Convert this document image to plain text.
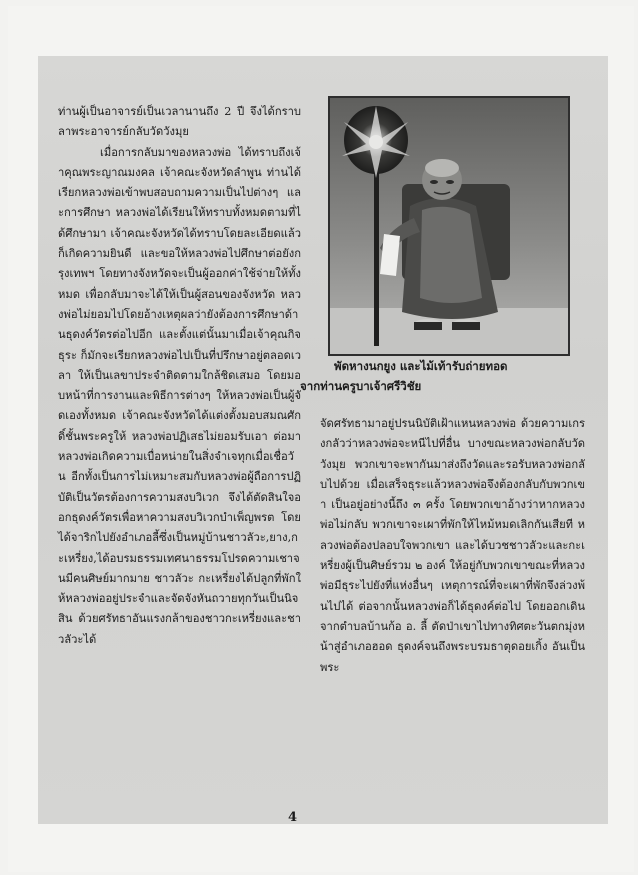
ท่านผู้เป็นอาจารย์เป็นเวลานานถึง 2 ปี จึงได้กราบลาพระอาจารย์กลับวัดวังมุย

เมื่อการกลับมาของหลวงพ่อ ได้ทราบถึงเจ้าคุณพระญาณมงคล เจ้าคณะจังหวัดลำพูน ท่านได้เรียกหลวงพ่อเข้าพบสอบถามความเป็นไปต่างๆ และการศึกษา หลวงพ่อได้เรียนให้ทราบทั้งหมดตามที่ได้ศึกษามา เจ้าคณะจังหวัดได้ทราบโดยละเอียดแล้วก็เกิดความยินดี และขอให้หลวงพ่อไปศึกษาต่อยังกรุงเทพฯ โดยทางจังหวัดจะเป็นผู้ออกค่าใช้จ่ายให้ทั้งหมด เพื่อกลับมาจะได้ให้เป็นผู้สอนของจังหวัด หลวงพ่อไม่ยอมไปโดยอ้างเหตุผลว่ายังต้องการศึกษาด้านธุดงค์วัตรต่อไปอีก และตั้งแต่นั้นมาเมื่อเจ้าคุณกิจธุระ ก็มักจะเรียกหลวงพ่อไปเป็นที่ปรึกษาอยู่ตลอดเวลา ให้เป็นเลขาประจำติดตามใกล้ชิดเสมอ โดยมอบหน้าที่การงานและพิธีการต่างๆ ให้หลวงพ่อเป็นผู้จัดเองทั้งหมด เจ้าคณะจังหวัดได้แต่งตั้งมอบสมณศักดิ์ชั้นพระครูให้ หลวงพ่อปฏิเสธไม่ยอมรับเอา ต่อมาหลวงพ่อเกิดความเบื่อหน่ายในสิ่งจำเจทุกเมื่อเชื่อวัน อีกทั้งเป็นการไม่เหมาะสมกับหลวงพ่อผู้ถือการปฏิบัติเป็นวัตรต้องการความสงบวิเวก จึงได้ตัดสินใจออกธุดงค์วัตรเพื่อหาความสงบวิเวกบำเพ็ญพรต โดยได้จาริกไปยังอำเภอลี้ซึ่งเป็นหมู่บ้านชาวลัวะ,ยาง,กะเหรี่ยง,ได้อบรมธรรมเทศนาธรรมโปรดความเชาจนมีคนศิษย์มากมาย ชาวลัวะ กะเหรี่ยงได้ปลูกที่พักให้หลวงพ่ออยู่ประจำและจัดจังหันถวายทุกวันเป็นนิจสิน ด้วยศรัทธาอันแรงกล้าของชาวกะเหรี่ยงและชาวลัวะได้

พัดหางนกยูง และไม้เท้ารับถ่ายทอด
จากท่านครูบาเจ้าศรีวิชัย

จัดศรัทธามาอยู่ปรนนิบัติเฝ้าแหนหลวงพ่อ ด้วยความเกรงกลัวว่าหลวงพ่อจะหนีไปที่อื่น บางขณะหลวงพ่อกลับวัดวังมุย พวกเขาจะพากันมาส่งถึงวัดและรอรับหลวงพ่อกลับไปด้วย เมื่อเสร็จธุระแล้วหลวงพ่อจึงต้องกลับกับพวกเขา เป็นอยู่อย่างนี้ถึง ๓ ครั้ง โดยพวกเขาอ้างว่าหากหลวงพ่อไม่กลับ พวกเขาจะเผาที่พักให้ไหม้หมดเลิกกันเสียที หลวงพ่อต้องปลอบใจพวกเขา และได้บวชชาวลัวะและกะเหรี่ยงผู้เป็นศิษย์รวม ๒ องค์ ให้อยู่กับพวกเขาขณะที่หลวงพ่อมีธุระไปยังที่แห่งอื่นๆ เหตุการณ์ที่จะเผาที่พักจึงล่วงพ้นไปได้ ต่อจากนั้นหลวงพ่อก็ได้ธุดงค์ต่อไป โดยออกเดินจากตำบลบ้านก้อ อ. ลี้ ตัดป่าเขาไปทางทิศตะวันตกมุ่งหน้าสู่อำเภอฮอด ธุดงค์จนถึงพระบรมธาตุดอยเกิ้ง อันเป็นพระ

4
